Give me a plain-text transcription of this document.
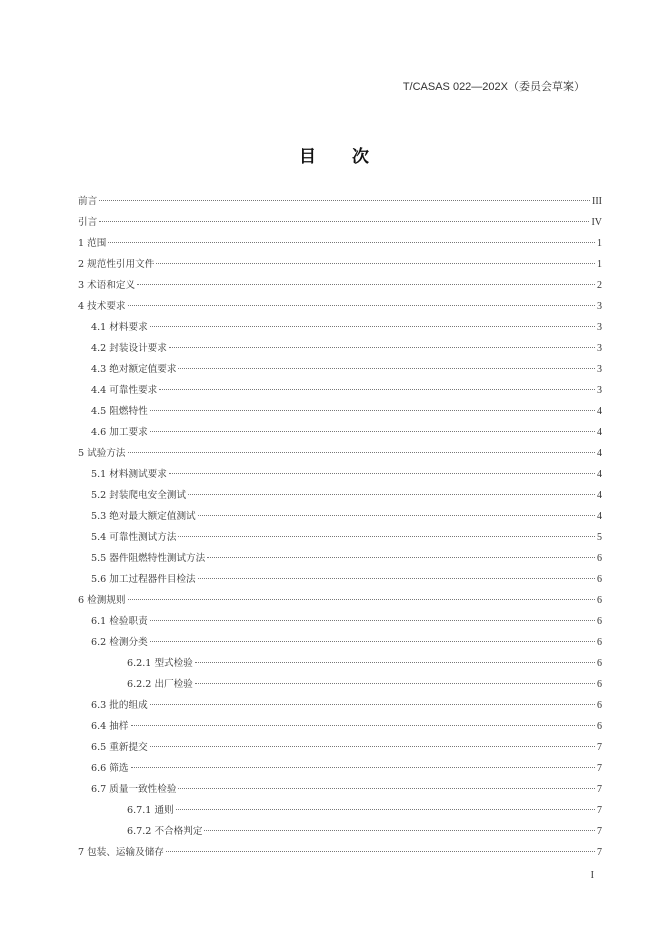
T/CASAS 022—202X（委员会草案）
目次
前言	III
引言	IV
1 范围	1
2 规范性引用文件	1
3 术语和定义	2
4 技术要求	3
4.1 材料要求	3
4.2 封装设计要求	3
4.3 绝对额定值要求	3
4.4 可靠性要求	3
4.5 阻燃特性	4
4.6 加工要求	4
5 试验方法	4
5.1 材料测试要求	4
5.2 封装爬电安全测试	4
5.3 绝对最大额定值测试	4
5.4 可靠性测试方法	5
5.5 器件阻燃特性测试方法	6
5.6 加工过程器件目检法	6
6 检测规则	6
6.1 检验职责	6
6.2 检测分类	6
6.2.1 型式检验	6
6.2.2 出厂检验	6
6.3 批的组成	6
6.4 抽样	6
6.5 重新提交	7
6.6 筛选	7
6.7 质量一致性检验	7
6.7.1 通则	7
6.7.2 不合格判定	7
7 包装、运输及储存	7
I
